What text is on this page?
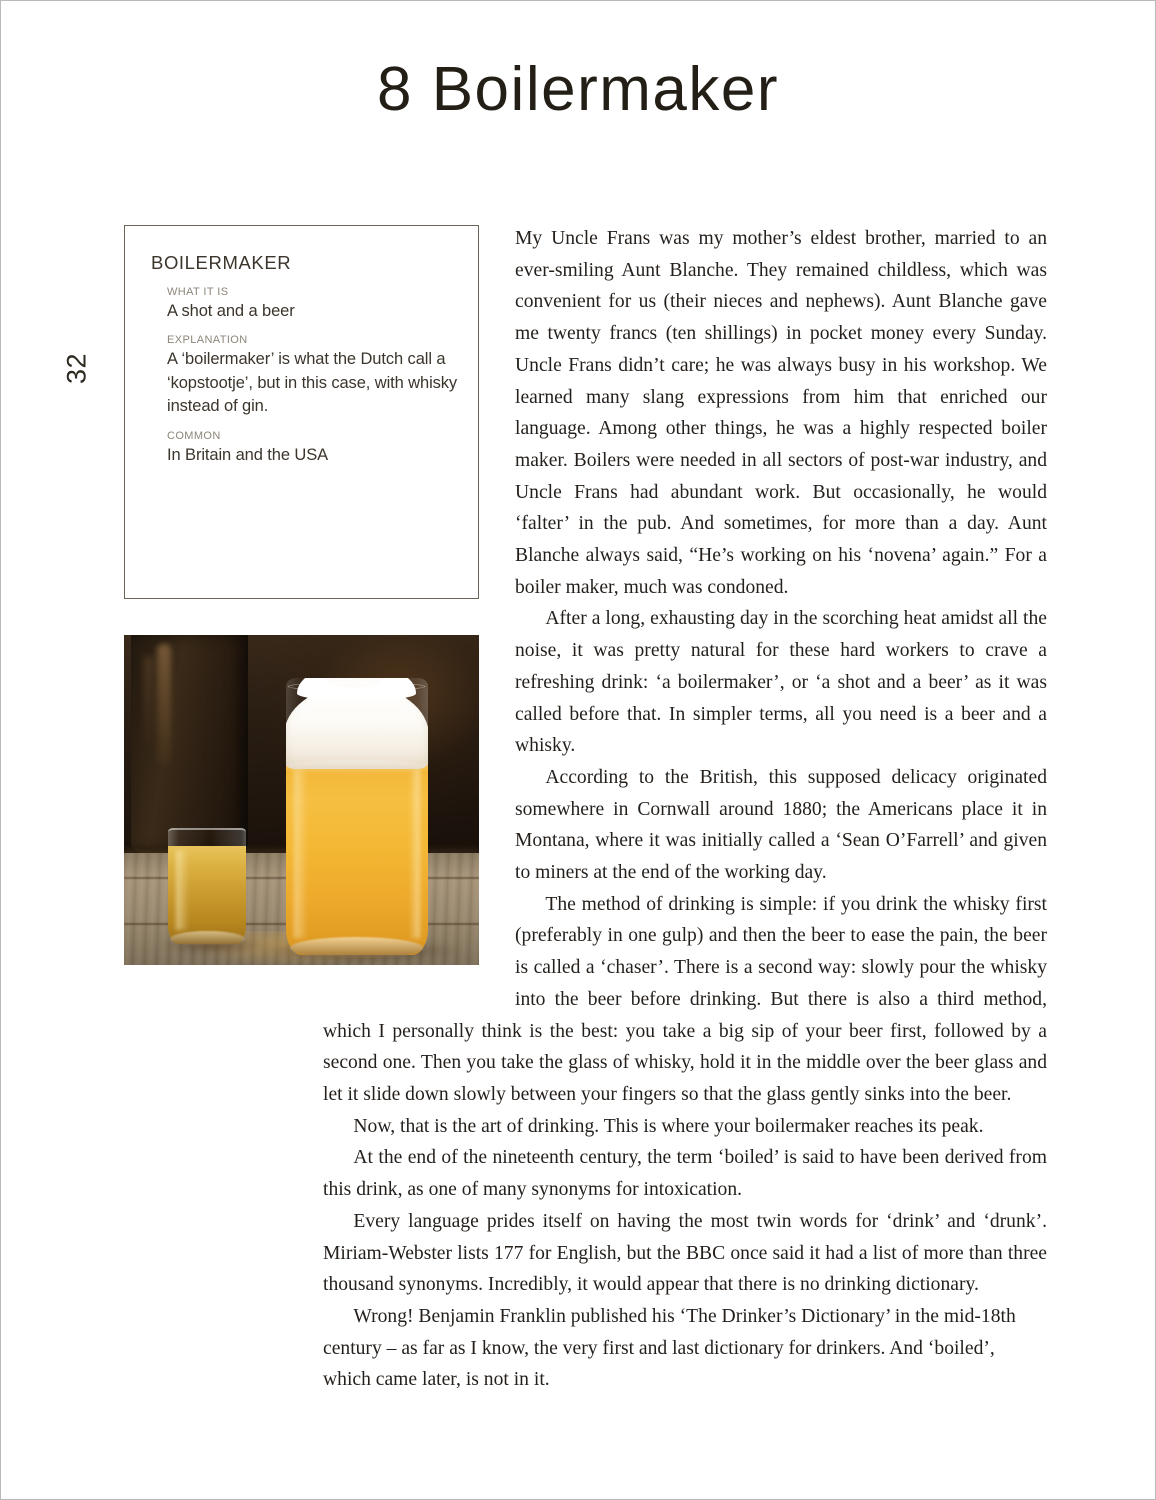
8 Boilermaker
32
BOILERMAKER
WHAT IT IS
A shot and a beer
EXPLANATION
A ‘boilermaker’ is what the Dutch call a ‘kopstootje’, but in this case, with whisky instead of gin.
COMMON
In Britain and the USA

My Uncle Frans was my mother’s eldest brother, married to an ever-smiling Aunt Blanche. They remained childless, which was convenient for us (their nieces and nephews). Aunt Blanche gave me twenty francs (ten shillings) in pocket money every Sunday. Uncle Frans didn’t care; he was always busy in his workshop. We learned many slang expressions from him that enriched our language. Among other things, he was a highly respected boiler maker. Boilers were needed in all sectors of post-war industry, and Uncle Frans had abundant work. But occasionally, he would ‘falter’ in the pub. And sometimes, for more than a day. Aunt Blanche always said, “He’s working on his ‘novena’ again.” For a boiler maker, much was condoned.

After a long, exhausting day in the scorching heat amidst all the noise, it was pretty natural for these hard workers to crave a refreshing drink: ‘a boilermaker’, or ‘a shot and a beer’ as it was called before that. In simpler terms, all you need is a beer and a whisky.

According to the British, this supposed delicacy originated somewhere in Cornwall around 1880; the Americans place it in Montana, where it was initially called a ‘Sean O’Farrell’ and given to miners at the end of the working day.

The method of drinking is simple: if you drink the whisky first (preferably in one gulp) and then the beer to ease the pain, the beer is called a ‘chaser’. There is a second way: slowly pour the whisky into the beer before drinking. But there is also a third method, which I personally think is the best: you take a big sip of your beer first, followed by a second one. Then you take the glass of whisky, hold it in the middle over the beer glass and let it slide down slowly between your fingers so that the glass gently sinks into the beer.

Now, that is the art of drinking. This is where your boilermaker reaches its peak.

At the end of the nineteenth century, the term ‘boiled’ is said to have been derived from this drink, as one of many synonyms for intoxication.

Every language prides itself on having the most twin words for ‘drink’ and ‘drunk’. Miriam-Webster lists 177 for English, but the BBC once said it had a list of more than three thousand synonyms. Incredibly, it would appear that there is no drinking dictionary.

Wrong! Benjamin Franklin published his ‘The Drinker’s Dictionary’ in the mid-18th century – as far as I know, the very first and last dictionary for drinkers. And ‘boiled’, which came later, is not in it.
